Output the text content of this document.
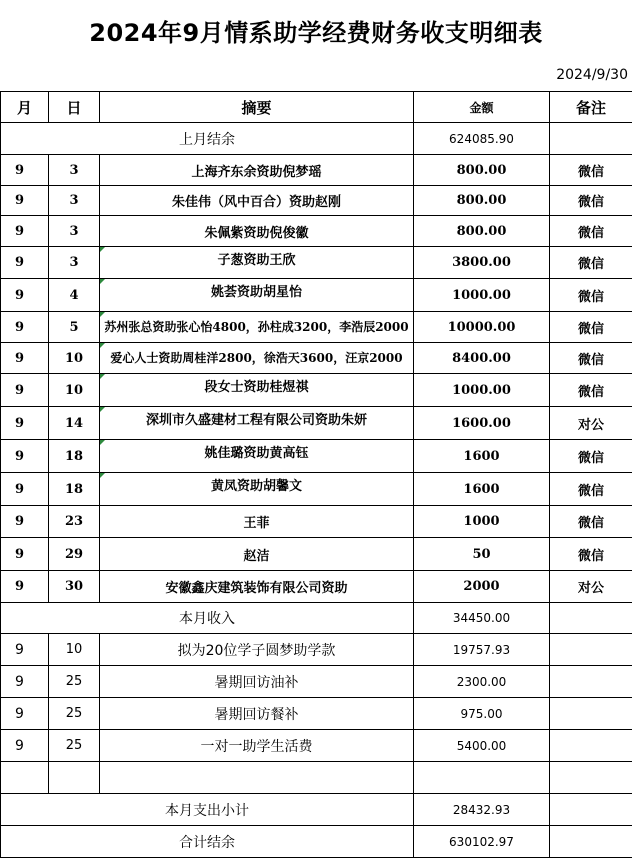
2024年9月情系助学经费财务收支明细表
2024/9/30
月	日	摘要	金额	备注
上月结余			624085.90	
9	3	上海齐东余资助倪梦瑶	800.00	微信
9	3	朱佳伟（风中百合）资助赵刚	800.00	微信
9	3	朱佩紫资助倪俊徽	800.00	微信
9	3	子葱资助王欣	3800.00	微信
9	4	姚荟资助胡星怡	1000.00	微信
9	5	苏州张总资助张心怡4800，孙柱成3200，李浩辰2000	10000.00	微信
9	10	爱心人士资助周桂洋2800，徐浩天3600，汪京2000	8400.00	微信
9	10	段女士资助桂煜祺	1000.00	微信
9	14	深圳市久盛建材工程有限公司资助朱妍	1600.00	对公
9	18	姚佳璐资助黄高钰	1600	微信
9	18	黄凤资助胡馨文	1600	微信
9	23	王菲	1000	微信
9	29	赵洁	50	微信
9	30	安徽鑫庆建筑装饰有限公司资助	2000	对公
本月收入			34450.00	
9	10	拟为20位学子圆梦助学款	19757.93	
9	25	暑期回访油补	2300.00	
9	25	暑期回访餐补	975.00	
9	25	一对一助学生活费	5400.00	

本月支出小计			28432.93	
合计结余			630102.97	
